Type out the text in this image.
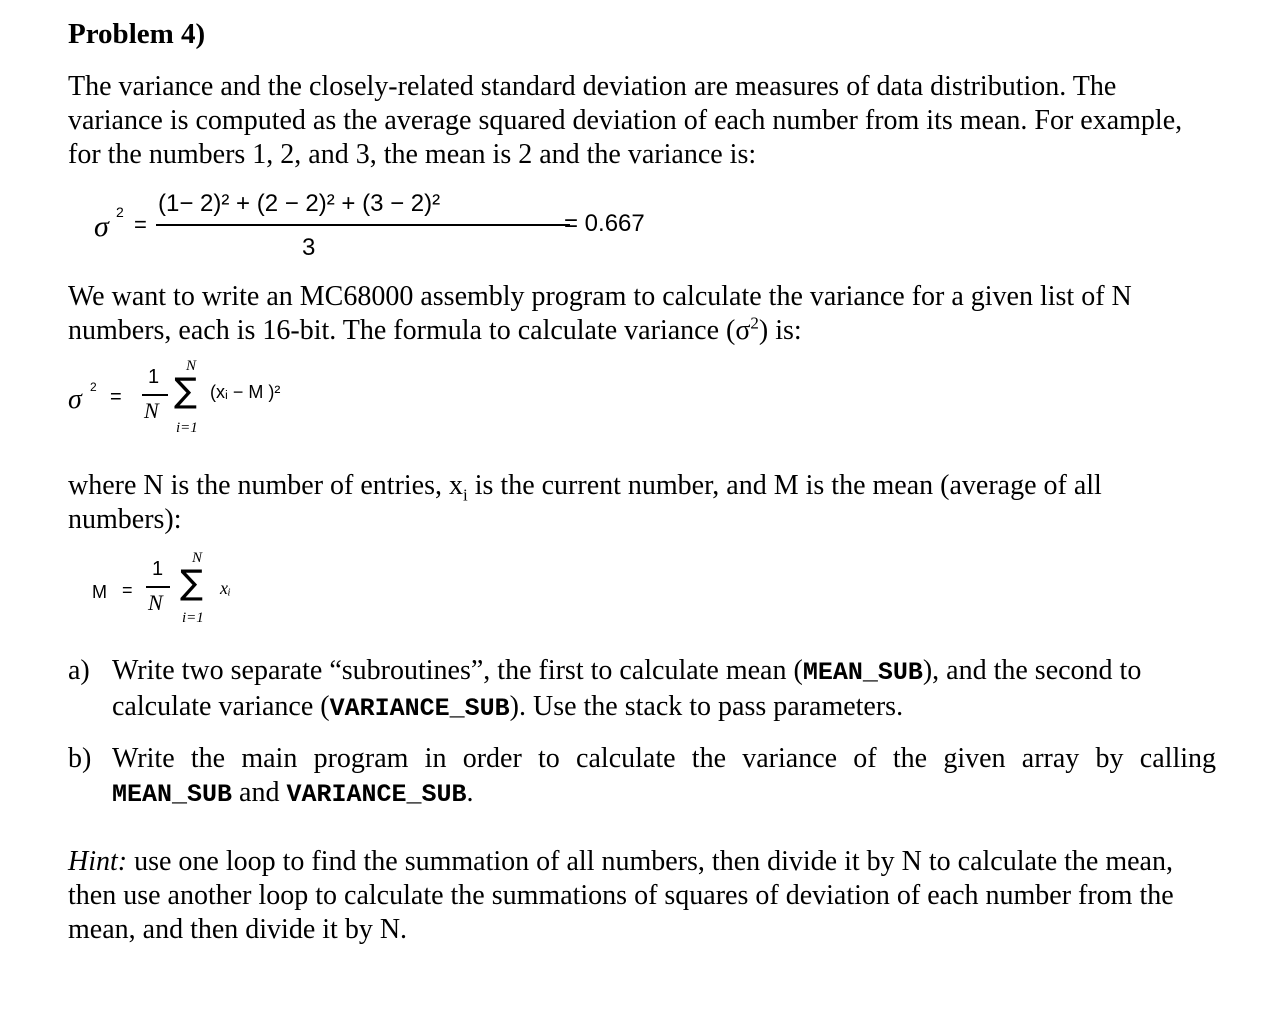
Problem 4)

The variance and the closely-related standard deviation are measures of data distribution. The variance is computed as the average squared deviation of each number from its mean. For example, for the numbers 1, 2, and 3, the mean is 2 and the variance is:

σ 2 =
(1− 2)² + (2 − 2)² + (3 − 2)²
3
= 0.667

We want to write an MC68000 assembly program to calculate the variance for a given list of N numbers, each is 16-bit. The formula to calculate variance $(\sigma^2)$ is:

σ 2 =
1
N
N
∑
i=1
(xᵢ − M )²

where N is the number of entries, $x_i$ is the current number, and M is the mean (average of all numbers):

M =
1
N
N
∑
i=1
xᵢ
a) Write two separate “subroutines”, the first to calculate mean (MEAN_SUB), and the second to calculate variance (VARIANCE_SUB). Use the stack to pass parameters.
b) Write the main program in order to calculate the variance of the given array by calling
MEAN_SUB and VARIANCE_SUB.

Hint: use one loop to find the summation of all numbers, then divide it by N to calculate the mean, then use another loop to calculate the summations of squares of deviation of each number from the mean, and then divide it by N.
